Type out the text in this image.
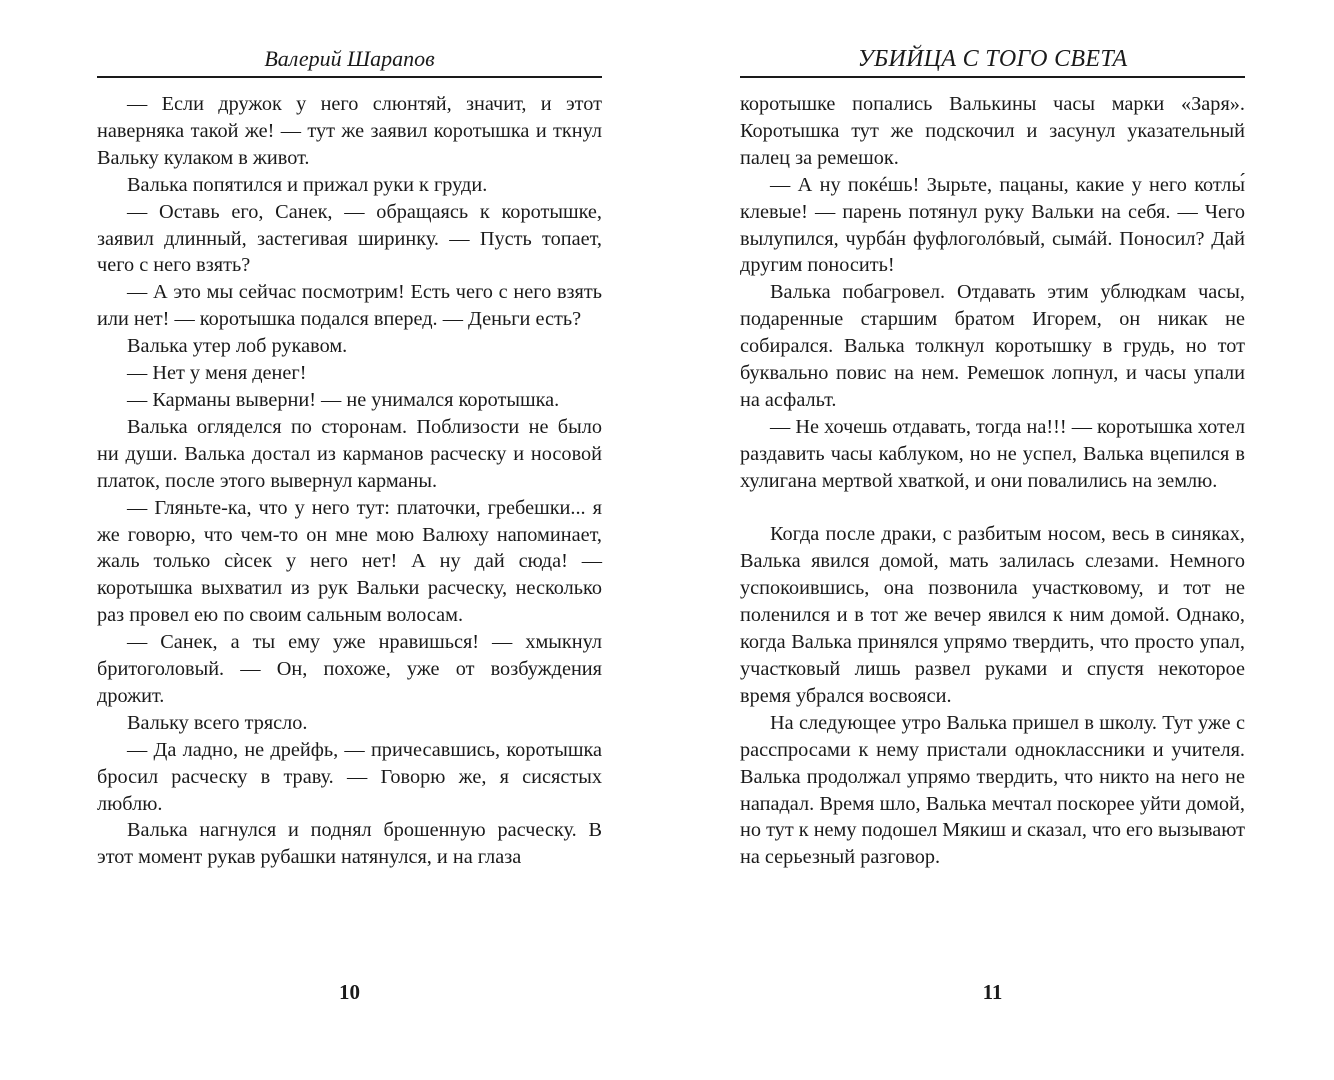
Валерий Шарапов

— Если дружок у него слюнтяй, значит, и этот наверняка такой же! — тут же заявил коротышка и ткнул Вальку кулаком в живот.

Валька попятился и прижал руки к груди.

— Оставь его, Санек, — обращаясь к коротышке, заявил длинный, застегивая ширинку. — Пусть топает, чего с него взять?

— А это мы сейчас посмотрим! Есть чего с него взять или нет! — коротышка подался вперед. — Деньги есть?

Валька утер лоб рукавом.

— Нет у меня денег!

— Карманы выверни! — не унимался коротышка.

Валька огляделся по сторонам. Поблизости не было ни души. Валька достал из карманов расческу и носовой платок, после этого вывернул карманы.

— Гляньте-ка, что у него тут: платочки, гребешки... я же говорю, что чем-то он мне мою Валюху напоминает, жаль только сѝсек у него нет! А ну дай сюда! — коротышка выхватил из рук Вальки расческу, несколько раз провел ею по своим сальным волосам.

— Санек, а ты ему уже нравишься! — хмыкнул бритоголовый. — Он, похоже, уже от возбуждения дрожит.

Вальку всего трясло.

— Да ладно, не дрейфь, — причесавшись, коротышка бросил расческу в траву. — Говорю же, я сисястых люблю.

Валька нагнулся и поднял брошенную расческу. В этот момент рукав рубашки натянулся, и на глаза

10
УБИЙЦА С ТОГО СВЕТА

коротышке попались Валькины часы марки «Заря». Коротышка тут же подскочил и засунул указательный палец за ремешок.

— А ну покéшь! Зырьте, пацаны, какие у него котлы́ клевые! — парень потянул руку Вальки на себя. — Чего вылупился, чурбáн фуфлоголóвый, сымáй. Поносил? Дай другим поносить!

Валька побагровел. Отдавать этим ублюдкам часы, подаренные старшим братом Игорем, он никак не собирался. Валька толкнул коротышку в грудь, но тот буквально повис на нем. Ремешок лопнул, и часы упали на асфальт.

— Не хочешь отдавать, тогда на!!! — коротышка хотел раздавить часы каблуком, но не успел, Валька вцепился в хулигана мертвой хваткой, и они повалились на землю.

Когда после драки, с разбитым носом, весь в синяках, Валька явился домой, мать залилась слезами. Немного успокоившись, она позвонила участковому, и тот не поленился и в тот же вечер явился к ним домой. Однако, когда Валька принялся упрямо твердить, что просто упал, участковый лишь развел руками и спустя некоторое время убрался восвояси.

На следующее утро Валька пришел в школу. Тут уже с расспросами к нему пристали одноклассники и учителя. Валька продолжал упрямо твердить, что никто на него не нападал. Время шло, Валька мечтал поскорее уйти домой, но тут к нему подошел Мякиш и сказал, что его вызывают на серьезный разговор.

11
